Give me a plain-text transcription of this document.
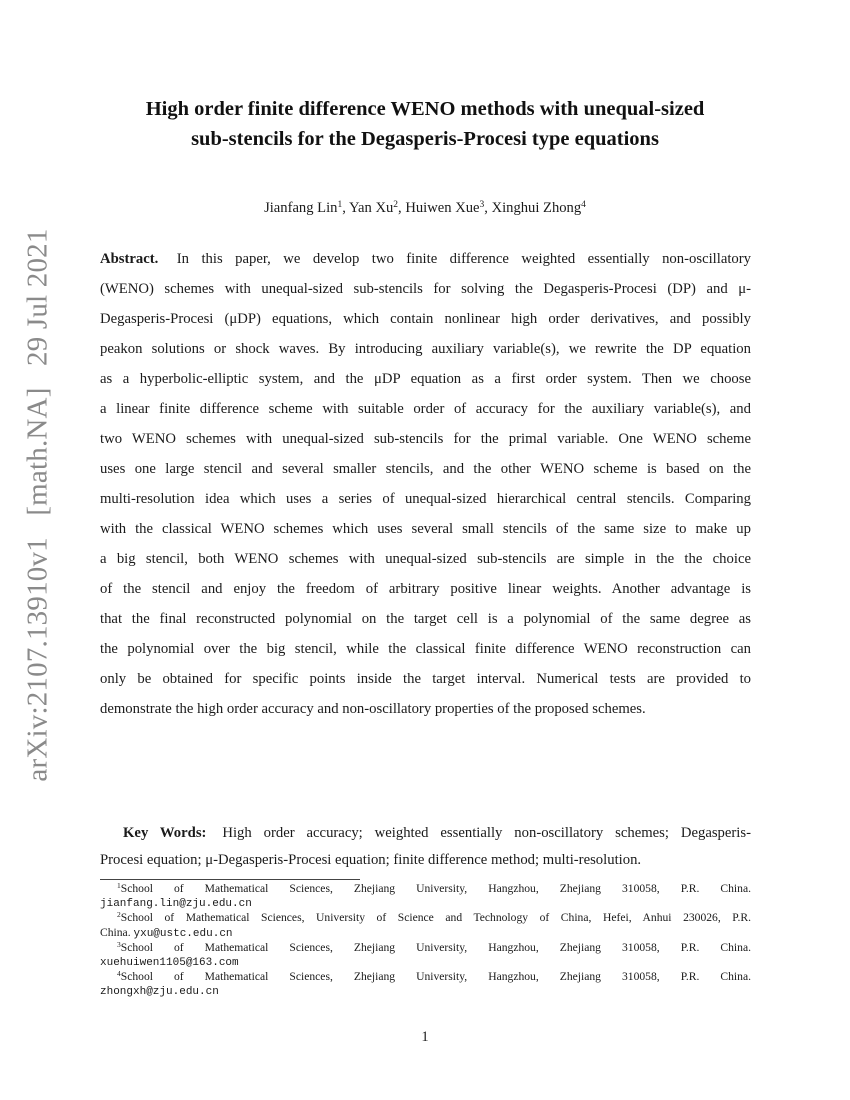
arXiv:2107.13910v1 [math.NA] 29 Jul 2021
High order finite difference WENO methods with unequal-sized
sub-stencils for the Degasperis-Procesi type equations
Jianfang Lin$^1$, Yan Xu$^2$, Huiwen Xue$^3$, Xinghui Zhong$^4$
Abstract. In this paper, we develop two finite difference weighted essentially non-oscillatory
(WENO) schemes with unequal-sized sub-stencils for solving the Degasperis-Procesi (DP) and μ-
Degasperis-Procesi (μDP) equations, which contain nonlinear high order derivatives, and possibly
peakon solutions or shock waves. By introducing auxiliary variable(s), we rewrite the DP equation
as a hyperbolic-elliptic system, and the μDP equation as a first order system. Then we choose
a linear finite difference scheme with suitable order of accuracy for the auxiliary variable(s), and
two WENO schemes with unequal-sized sub-stencils for the primal variable. One WENO scheme
uses one large stencil and several smaller stencils, and the other WENO scheme is based on the
multi-resolution idea which uses a series of unequal-sized hierarchical central stencils. Comparing
with the classical WENO schemes which uses several small stencils of the same size to make up
a big stencil, both WENO schemes with unequal-sized sub-stencils are simple in the the choice
of the stencil and enjoy the freedom of arbitrary positive linear weights. Another advantage is
that the final reconstructed polynomial on the target cell is a polynomial of the same degree as
the polynomial over the big stencil, while the classical finite difference WENO reconstruction can
only be obtained for specific points inside the target interval. Numerical tests are provided to
demonstrate the high order accuracy and non-oscillatory properties of the proposed schemes.
Key Words: High order accuracy; weighted essentially non-oscillatory schemes; Degasperis-
Procesi equation; μ-Degasperis-Procesi equation; finite difference method; multi-resolution.
$^1$School of Mathematical Sciences, Zhejiang University, Hangzhou, Zhejiang 310058, P.R. China.
jianfang.lin@zju.edu.cn
$^2$School of Mathematical Sciences, University of Science and Technology of China, Hefei, Anhui 230026, P.R.
China. yxu@ustc.edu.cn
$^3$School of Mathematical Sciences, Zhejiang University, Hangzhou, Zhejiang 310058, P.R. China.
xuehuiwen1105@163.com
$^4$School of Mathematical Sciences, Zhejiang University, Hangzhou, Zhejiang 310058, P.R. China.
zhongxh@zju.edu.cn
1
